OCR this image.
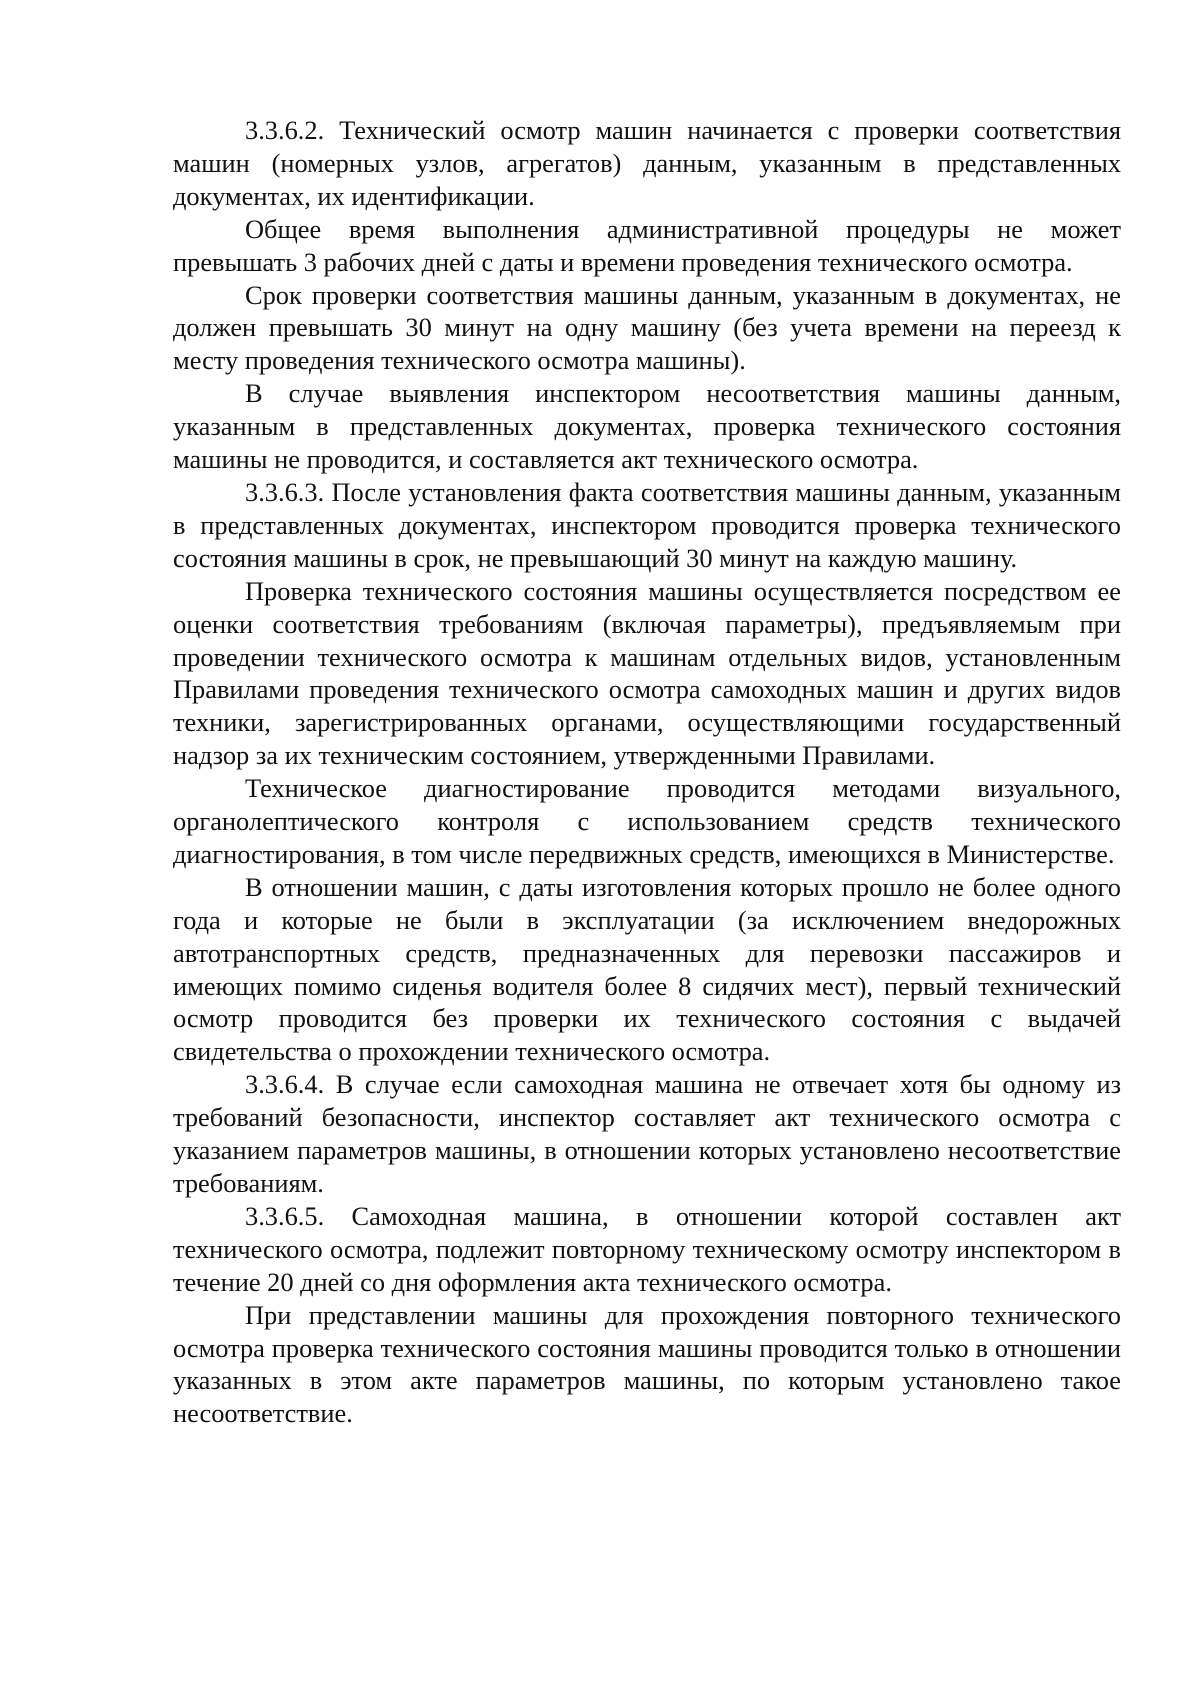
3.3.6.2. Технический осмотр машин начинается с проверки соответствия машин (номерных узлов, агрегатов) данным, указанным в представленных документах, их идентификации.

Общее время выполнения административной процедуры не может превышать 3 рабочих дней с даты и времени проведения технического осмотра.

Срок проверки соответствия машины данным, указанным в документах, не должен превышать 30 минут на одну машину (без учета времени на переезд к месту проведения технического осмотра машины).

В случае выявления инспектором несоответствия машины данным, указанным в представленных документах, проверка технического состояния машины не проводится, и составляется акт технического осмотра.

3.3.6.3. После установления факта соответствия машины данным, указанным в представленных документах, инспектором проводится проверка технического состояния машины в срок, не превышающий 30 минут на каждую машину.

Проверка технического состояния машины осуществляется посредством ее оценки соответствия требованиям (включая параметры), предъявляемым при проведении технического осмотра к машинам отдельных видов, установленным Правилами проведения технического осмотра самоходных машин и других видов техники, зарегистрированных органами, осуществляющими государственный надзор за их техническим состоянием, утвержденными Правилами.

Техническое диагностирование проводится методами визуального, органолептического контроля с использованием средств технического диагностирования, в том числе передвижных средств, имеющихся в Министерстве.

В отношении машин, с даты изготовления которых прошло не более одного года и которые не были в эксплуатации (за исключением внедорожных автотранспортных средств, предназначенных для перевозки пассажиров и имеющих помимо сиденья водителя более 8 сидячих мест), первый технический осмотр проводится без проверки их технического состояния с выдачей свидетельства о прохождении технического осмотра.

3.3.6.4. В случае если самоходная машина не отвечает хотя бы одному из требований безопасности, инспектор составляет акт технического осмотра с указанием параметров машины, в отношении которых установлено несоответствие требованиям.

3.3.6.5. Самоходная машина, в отношении которой составлен акт технического осмотра, подлежит повторному техническому осмотру инспектором в течение 20 дней со дня оформления акта технического осмотра.

При представлении машины для прохождения повторного технического осмотра проверка технического состояния машины проводится только в отношении указанных в этом акте параметров машины, по которым установлено такое несоответствие.
